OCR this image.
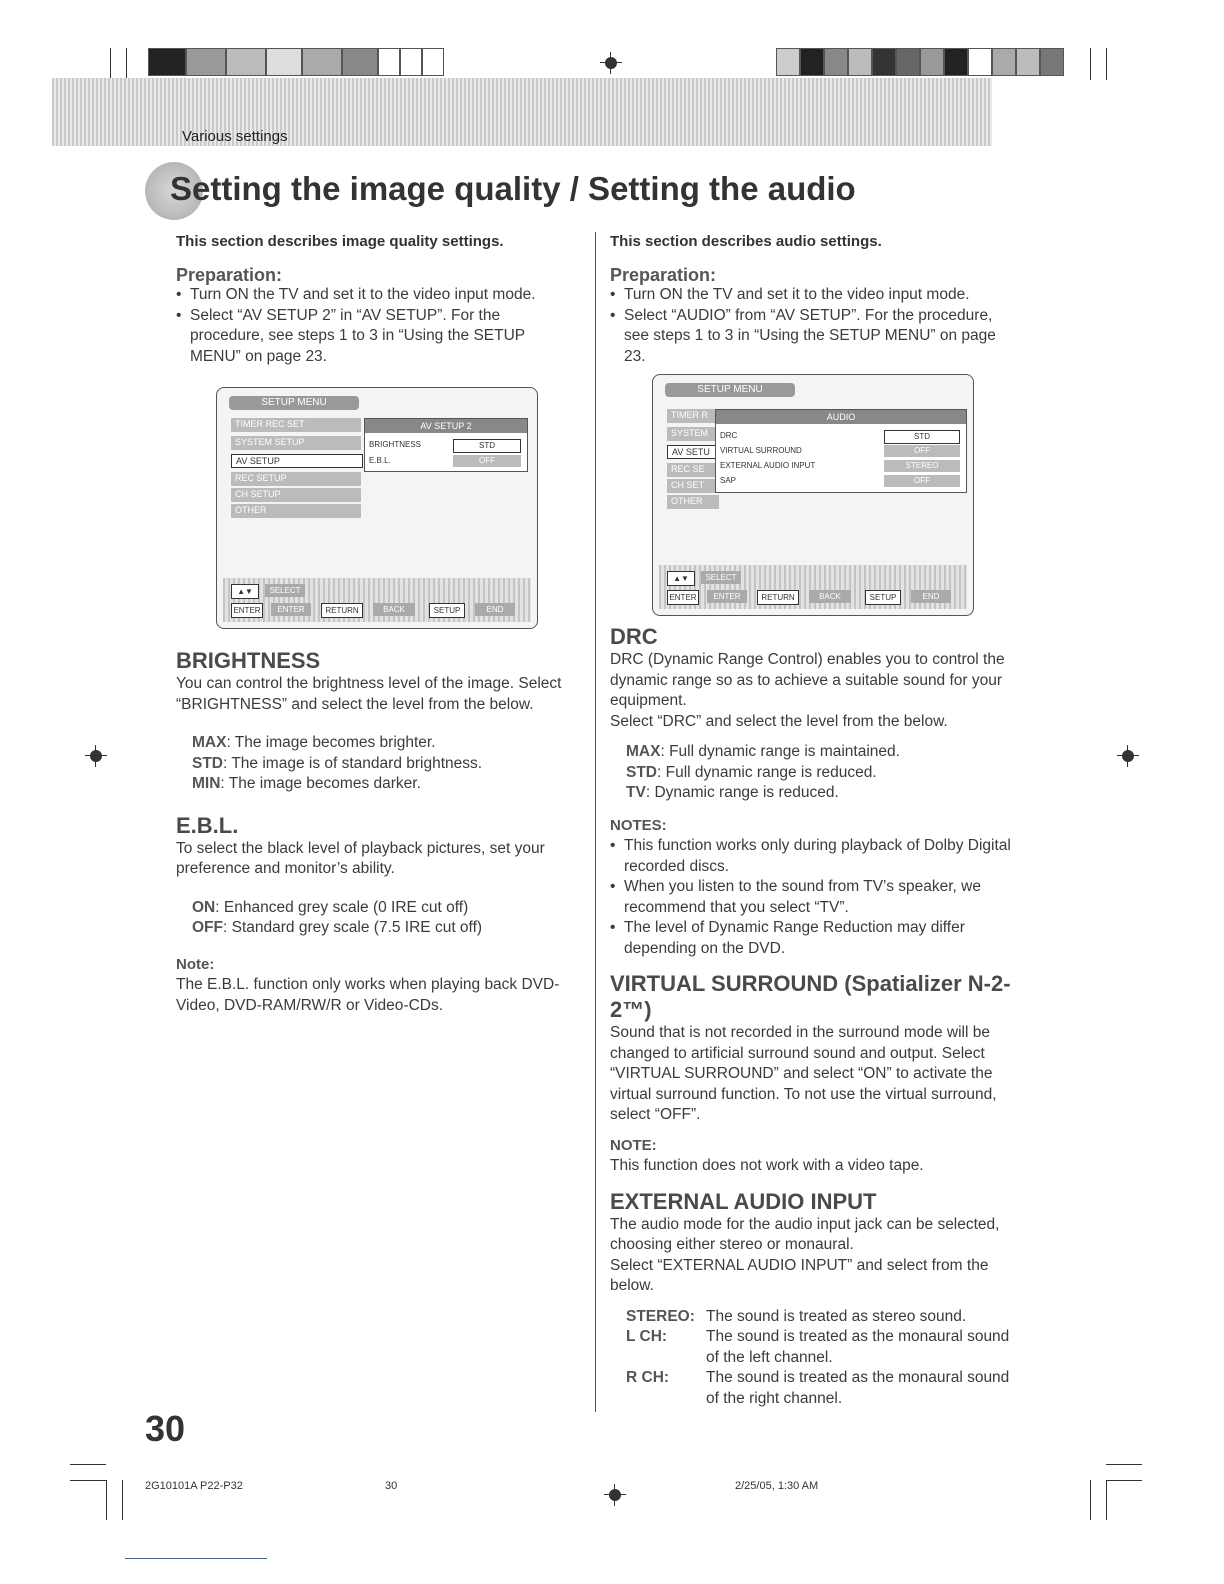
Various settings
Setting the image quality / Setting the audio
This section describes image quality settings.
Preparation:
• Turn ON the TV and set it to the video input mode.
• Select “AV SETUP 2” in “AV SETUP”. For the procedure, see steps 1 to 3 in “Using the SETUP MENU” on page 23.
SETUP MENU
TIMER REC SET
SYSTEM SETUP
AV SETUP
REC SETUP
CH SETUP
OTHER
AV SETUP 2
BRIGHTNESS	STD
E.B.L.	OFF
▲▼	SELECT
ENTER	ENTER	RETURN	BACK	SETUP	END
BRIGHTNESS
You can control the brightness level of the image. Select “BRIGHTNESS” and select the level from the below.
MAX: The image becomes brighter.
STD: The image is of standard brightness.
MIN: The image becomes darker.
E.B.L.
To select the black level of playback pictures, set your preference and monitor’s ability.
ON: Enhanced grey scale (0 IRE cut off)
OFF: Standard grey scale (7.5 IRE cut off)
Note:
The E.B.L. function only works when playing back DVD-Video, DVD-RAM/RW/R or Video-CDs.
This section describes audio settings.
Preparation:
• Turn ON the TV and set it to the video input mode.
• Select “AUDIO” from “AV SETUP”. For the procedure, see steps 1 to 3 in “Using the SETUP MENU” on page 23.
SETUP MENU
TIMER R
SYSTEM
AV SETU
REC SE
CH SET
OTHER
AUDIO
DRC	STD
VIRTUAL SURROUND	OFF
EXTERNAL AUDIO INPUT	STEREO
SAP	OFF
▲▼	SELECT
ENTER	ENTER	RETURN	BACK	SETUP	END
DRC
DRC (Dynamic Range Control) enables you to control the dynamic range so as to achieve a suitable sound for your equipment.
Select “DRC” and select the level from the below.
MAX: Full dynamic range is maintained.
STD: Full dynamic range is reduced.
TV: Dynamic range is reduced.
NOTES:
• This function works only during playback of Dolby Digital recorded discs.
• When you listen to the sound from TV’s speaker, we recommend that you select “TV”.
• The level of Dynamic Range Reduction may differ depending on the DVD.
VIRTUAL SURROUND (Spatializer N-2-2™)
Sound that is not recorded in the surround mode will be changed to artificial surround sound and output. Select “VIRTUAL SURROUND” and select “ON” to activate the virtual surround function. To not use the virtual surround, select “OFF”.
NOTE:
This function does not work with a video tape.
EXTERNAL AUDIO INPUT
The audio mode for the audio input jack can be selected, choosing either stereo or monaural.
Select “EXTERNAL AUDIO INPUT” and select from the below.
STEREO: The sound is treated as stereo sound.
L CH:	The sound is treated as the monaural sound of the left channel.
R CH:	The sound is treated as the monaural sound of the right channel.
30
2G10101A P22-P32	30	2/25/05, 1:30 AM
